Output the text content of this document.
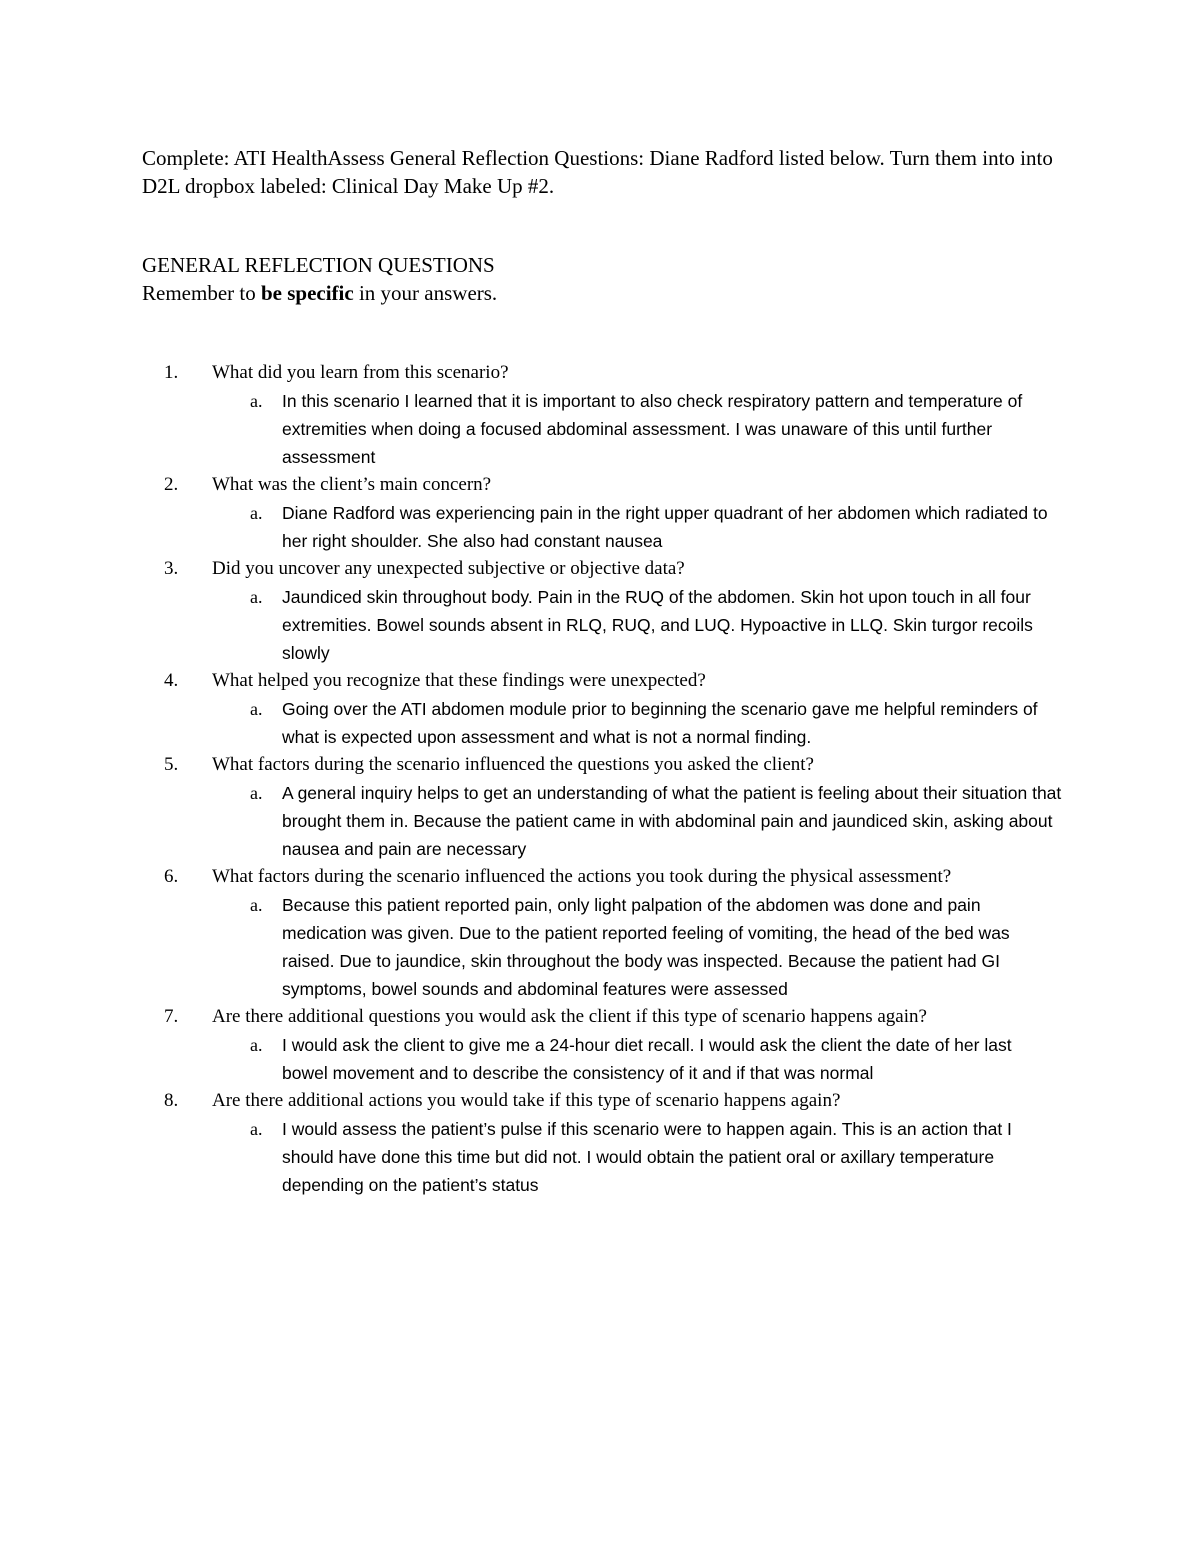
Complete: ATI HealthAssess General Reflection Questions: Diane Radford listed below. Turn them into into D2L dropbox labeled: Clinical Day Make Up #2.

GENERAL REFLECTION QUESTIONS

Remember to be specific in your answers.

1.	What did you learn from this scenario?
a.	In this scenario I learned that it is important to also check respiratory pattern and temperature of extremities when doing a focused abdominal assessment. I was unaware of this until further assessment
2.	What was the client’s main concern?
a.	Diane Radford was experiencing pain in the right upper quadrant of her abdomen which radiated to her right shoulder. She also had constant nausea
3.	Did you uncover any unexpected subjective or objective data?
a.	Jaundiced skin throughout body. Pain in the RUQ of the abdomen. Skin hot upon touch in all four extremities. Bowel sounds absent in RLQ, RUQ, and LUQ. Hypoactive in LLQ. Skin turgor recoils slowly
4.	What helped you recognize that these findings were unexpected?
a.	Going over the ATI abdomen module prior to beginning the scenario gave me helpful reminders of what is expected upon assessment and what is not a normal finding.
5.	What factors during the scenario influenced the questions you asked the client?
a.	A general inquiry helps to get an understanding of what the patient is feeling about their situation that brought them in. Because the patient came in with abdominal pain and jaundiced skin, asking about nausea and pain are necessary
6.	What factors during the scenario influenced the actions you took during the physical assessment?
a.	Because this patient reported pain, only light palpation of the abdomen was done and pain medication was given. Due to the patient reported feeling of vomiting, the head of the bed was raised. Due to jaundice, skin throughout the body was inspected. Because the patient had GI symptoms, bowel sounds and abdominal features were assessed
7.	Are there additional questions you would ask the client if this type of scenario happens again?
a.	I would ask the client to give me a 24-hour diet recall. I would ask the client the date of her last bowel movement and to describe the consistency of it and if that was normal
8.	Are there additional actions you would take if this type of scenario happens again?
a.	I would assess the patient’s pulse if this scenario were to happen again. This is an action that I should have done this time but did not. I would obtain the patient oral or axillary temperature depending on the patient’s status
